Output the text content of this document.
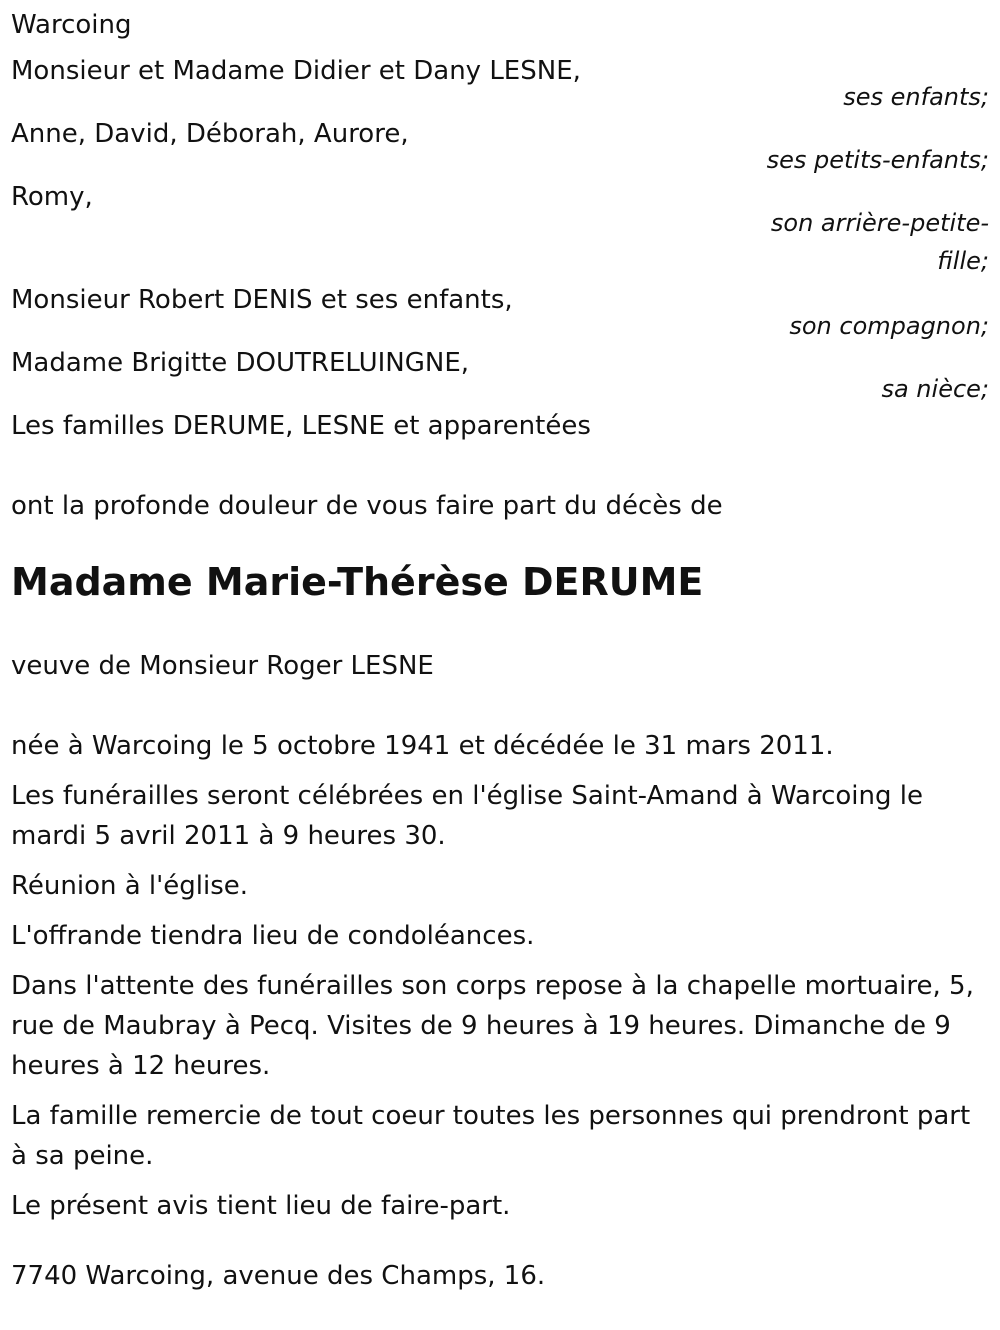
Warcoing

Monsieur et Madame Didier et Dany LESNE,

ses enfants;

Anne, David, Déborah, Aurore,

ses petits-enfants;

Romy,

son arrière-petite-fille;

Monsieur Robert DENIS et ses enfants,

son compagnon;

Madame Brigitte DOUTRELUINGNE,

sa nièce;

Les familles DERUME, LESNE et apparentées

ont la profonde douleur de vous faire part du décès de

Madame Marie-Thérèse DERUME

veuve de Monsieur Roger LESNE

née à Warcoing le 5 octobre 1941 et décédée le 31 mars 2011.

Les funérailles seront célébrées en l'église Saint-Amand à Warcoing le mardi 5 avril 2011 à 9 heures 30.

Réunion à l'église.

L'offrande tiendra lieu de condoléances.

Dans l'attente des funérailles son corps repose à la chapelle mortuaire, 5, rue de Maubray à Pecq. Visites de 9 heures à 19 heures. Dimanche de 9 heures à 12 heures.

La famille remercie de tout coeur toutes les personnes qui prendront part à sa peine.

Le présent avis tient lieu de faire-part.

7740 Warcoing, avenue des Champs, 16.
